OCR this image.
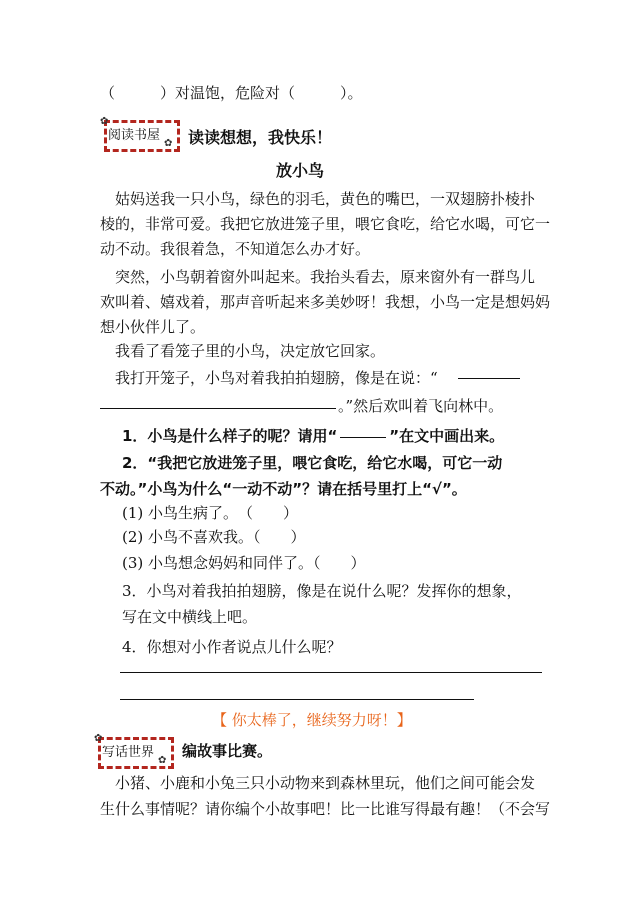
（　　　）对温饱，危险对（　　　）。
✿
✿
阅读书屋 读读想想，我快乐！
放小鸟
　姑妈送我一只小鸟，绿色的羽毛，黄色的嘴巴，一双翅膀扑棱扑
棱的，非常可爱。我把它放进笼子里，喂它食吃，给它水喝，可它一
动不动。我很着急，不知道怎么办才好。
　突然，小鸟朝着窗外叫起来。我抬头看去，原来窗外有一群鸟儿
欢叫着、嬉戏着，那声音听起来多美妙呀！我想，小鸟一定是想妈妈
想小伙伴儿了。
　我看了看笼子里的小鸟，决定放它回家。
　我打开笼子，小鸟对着我拍拍翅膀，像是在说：“
。”然后欢叫着飞向林中。
1．小鸟是什么样子的呢？请用“	”在文中画出来。
2．“我把它放进笼子里，喂它食吃，给它水喝，可它一动
不动。”小鸟为什么“一动不动”？请在括号里打上“√”。
(1) 小鸟生病了。　（　　）
(2) 小鸟不喜欢我。（　　）
(3) 小鸟想念妈妈和同伴了。（　　）
3．小鸟对着我拍拍翅膀，像是在说什么呢？发挥你的想象，
写在文中横线上吧。
4．你想对小作者说点儿什么呢？
【 你太棒了，继续努力呀！】
✿
✿
写话世界 编故事比赛。
　小猪、小鹿和小兔三只小动物来到森林里玩，他们之间可能会发
生什么事情呢？请你编个小故事吧！比一比谁写得最有趣！（不会写
